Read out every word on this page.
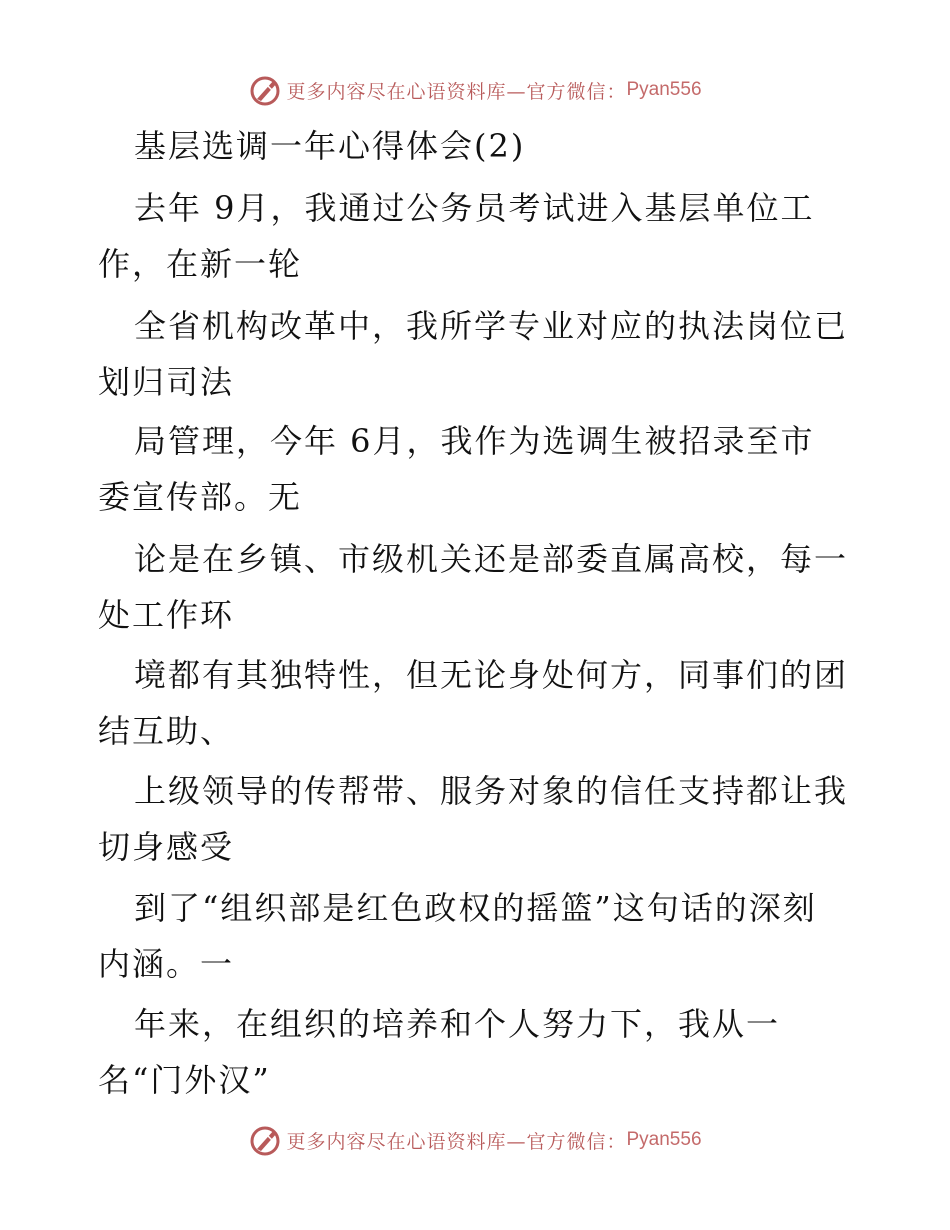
更多内容尽在心语资料库—官方微信： Pyan556
基层选调一年心得体会(2)
去年 9月，我通过公务员考试进入基层单位工
作，在新一轮
全省机构改革中，我所学专业对应的执法岗位已
划归司法
局管理，今年 6月，我作为选调生被招录至市
委宣传部。无
论是在乡镇、市级机关还是部委直属高校，每一
处工作环
境都有其独特性，但无论身处何方，同事们的团
结互助、
上级领导的传帮带、服务对象的信任支持都让我
切身感受
到了“组织部是红色政权的摇篮”这句话的深刻
内涵。一
年来，在组织的培养和个人努力下，我从一
名“门外汉”
更多内容尽在心语资料库—官方微信： Pyan556
